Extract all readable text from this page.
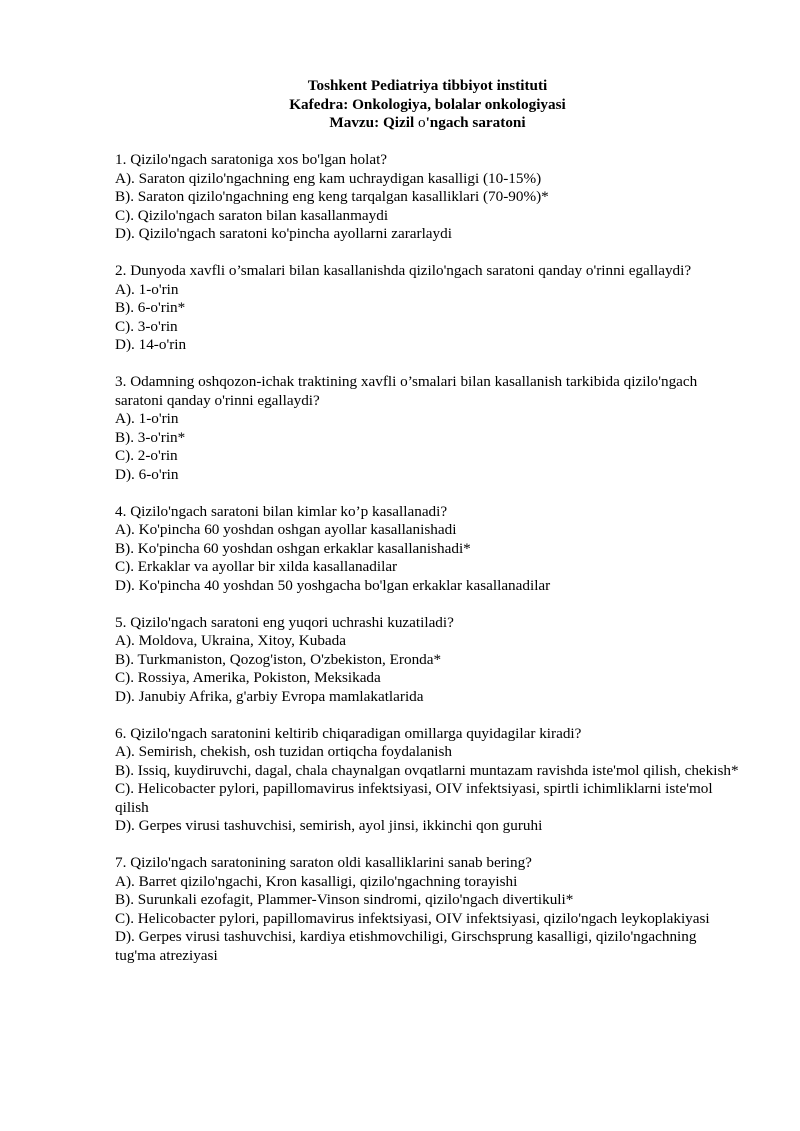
Toshkent Pediatriya tibbiyot instituti
Kafedra: Onkologiya, bolalar onkologiyasi
Mavzu: Qizil o'ngach saratoni
1. Qizilo'ngach saratoniga xos bo'lgan holat?
A). Saraton qizilo'ngachning eng kam uchraydigan kasalligi (10-15%)
B). Saraton qizilo'ngachning eng keng tarqalgan kasalliklari (70-90%)*
C). Qizilo'ngach saraton bilan kasallanmaydi
D). Qizilo'ngach saratoni ko'pincha ayollarni zararlaydi
2. Dunyoda xavfli o’smalari bilan kasallanishda qizilo'ngach saratoni qanday o'rinni egallaydi?
A). 1-o'rin
B). 6-o'rin*
C). 3-o'rin
D). 14-o'rin
3. Odamning oshqozon-ichak traktining xavfli o’smalari bilan kasallanish tarkibida qizilo'ngach saratoni qanday o'rinni egallaydi?
A). 1-o'rin
B). 3-o'rin*
C). 2-o'rin
D). 6-o'rin
4. Qizilo'ngach saratoni bilan kimlar ko’p kasallanadi?
A). Ko'pincha 60 yoshdan oshgan ayollar kasallanishadi
B). Ko'pincha 60 yoshdan oshgan erkaklar kasallanishadi*
C). Erkaklar va ayollar bir xilda kasallanadilar
D). Ko'pincha 40 yoshdan 50 yoshgacha bo'lgan erkaklar kasallanadilar
5. Qizilo'ngach saratoni eng yuqori uchrashi kuzatiladi?
A). Moldova, Ukraina, Xitoy, Kubada
B). Turkmaniston, Qozog'iston, O'zbekiston, Eronda*
C). Rossiya, Amerika, Pokiston, Meksikada
D). Janubiy Afrika, g'arbiy Evropa mamlakatlarida
6. Qizilo'ngach saratonini keltirib chiqaradigan omillarga quyidagilar kiradi?
A). Semirish, chekish, osh tuzidan ortiqcha foydalanish
B). Issiq, kuydiruvchi, dagal, chala chaynalgan ovqatlarni muntazam ravishda iste'mol qilish, chekish*
C). Helicobacter pylori, papillomavirus infektsiyasi, OIV infektsiyasi, spirtli ichimliklarni iste'mol qilish
D). Gerpes virusi tashuvchisi, semirish, ayol jinsi, ikkinchi qon guruhi
7. Qizilo'ngach saratonining saraton oldi kasalliklarini sanab bering?
A). Barret qizilo'ngachi, Kron kasalligi, qizilo'ngachning torayishi
B). Surunkali ezofagit, Plammer-Vinson sindromi, qizilo'ngach divertikuli*
C). Helicobacter pylori, papillomavirus infektsiyasi, OIV infektsiyasi, qizilo'ngach leykoplakiyasi
D). Gerpes virusi tashuvchisi, kardiya etishmovchiligi, Girschsprung kasalligi, qizilo'ngachning tug'ma atreziyasi
